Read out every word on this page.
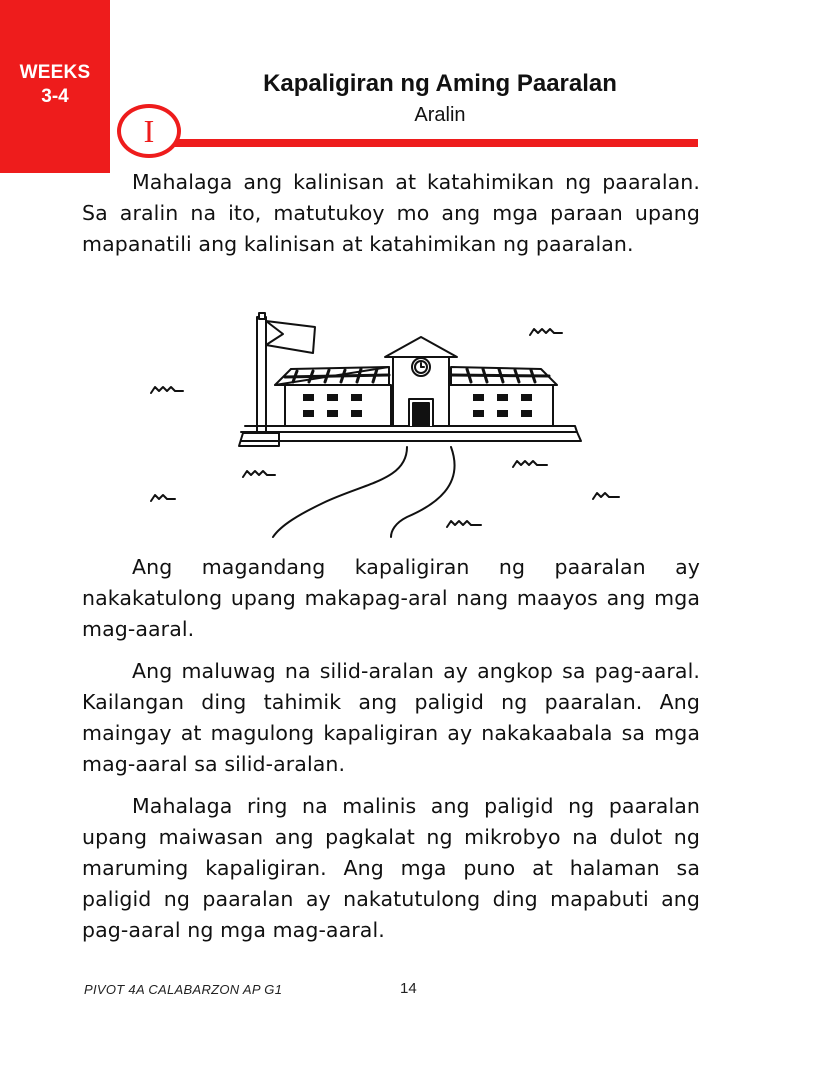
WEEKS
3-4	Kapaligiran ng Aming Paaralan
Aralin
I

Mahalaga ang kalinisan at katahimikan ng paaralan. Sa aralin na ito, matutukoy mo ang mga paraan upang mapanatili ang kalinisan at katahimikan ng paaralan.

Ang magandang kapaligiran ng paaralan ay nakakatulong upang makapag-aral nang maayos ang mga mag-aaral.

Ang maluwag na silid-aralan ay angkop sa pag-aaral. Kailangan ding tahimik ang paligid ng paaralan. Ang maingay at magulong kapaligiran ay nakakaabala sa mga mag-aaral sa silid-aralan.

Mahalaga ring na malinis ang paligid ng paaralan upang maiwasan ang pagkalat ng mikrobyo na dulot ng maruming kapaligiran. Ang mga puno at halaman sa paligid ng paaralan ay nakatutulong ding mapabuti ang pag-aaral ng mga mag-aaral.

PIVOT 4A CALABARZON AP G1	14
